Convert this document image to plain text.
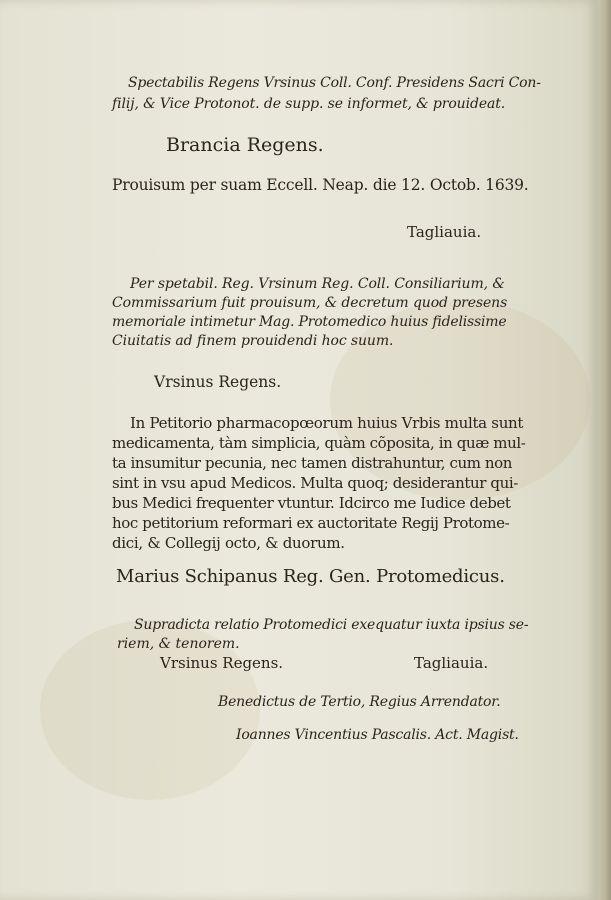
Spectabilis Regens Vrsinus Coll. Conf. Presidens Sacri Con-
filij, & Vice Protonot. de supp. se informet, & prouideat.
Brancia Regens.
Prouisum per suam Eccell. Neap. die 12. Octob. 1639.
Tagliauia.
Per spetabil. Reg. Vrsinum Reg. Coll. Consiliarium, &
Commissarium fuit prouisum, & decretum quod presens
memoriale intimetur Mag. Protomedico huius fidelissime
Ciuitatis ad finem prouidendi hoc suum.
Vrsinus Regens.
In Petitorio pharmacopœorum huius Vrbis multa sunt
medicamenta, tàm simplicia, quàm cõposita, in quæ mul-
ta insumitur pecunia, nec tamen distrahuntur, cum non
sint in vsu apud Medicos. Multa quoq; desiderantur qui-
bus Medici frequenter vtuntur. Idcirco me Iudice debet
hoc petitorium reformari ex auctoritate Regij Protome-
dici, & Collegij octo, & duorum.
Marius Schipanus Reg. Gen. Protomedicus.
Supradicta relatio Protomedici exequatur iuxta ipsius se-
riem, & tenorem.
Vrsinus Regens.	Tagliauia.
Benedictus de Tertio, Regius Arrendator.
Ioannes Vincentius Pascalis. Act. Magist.
